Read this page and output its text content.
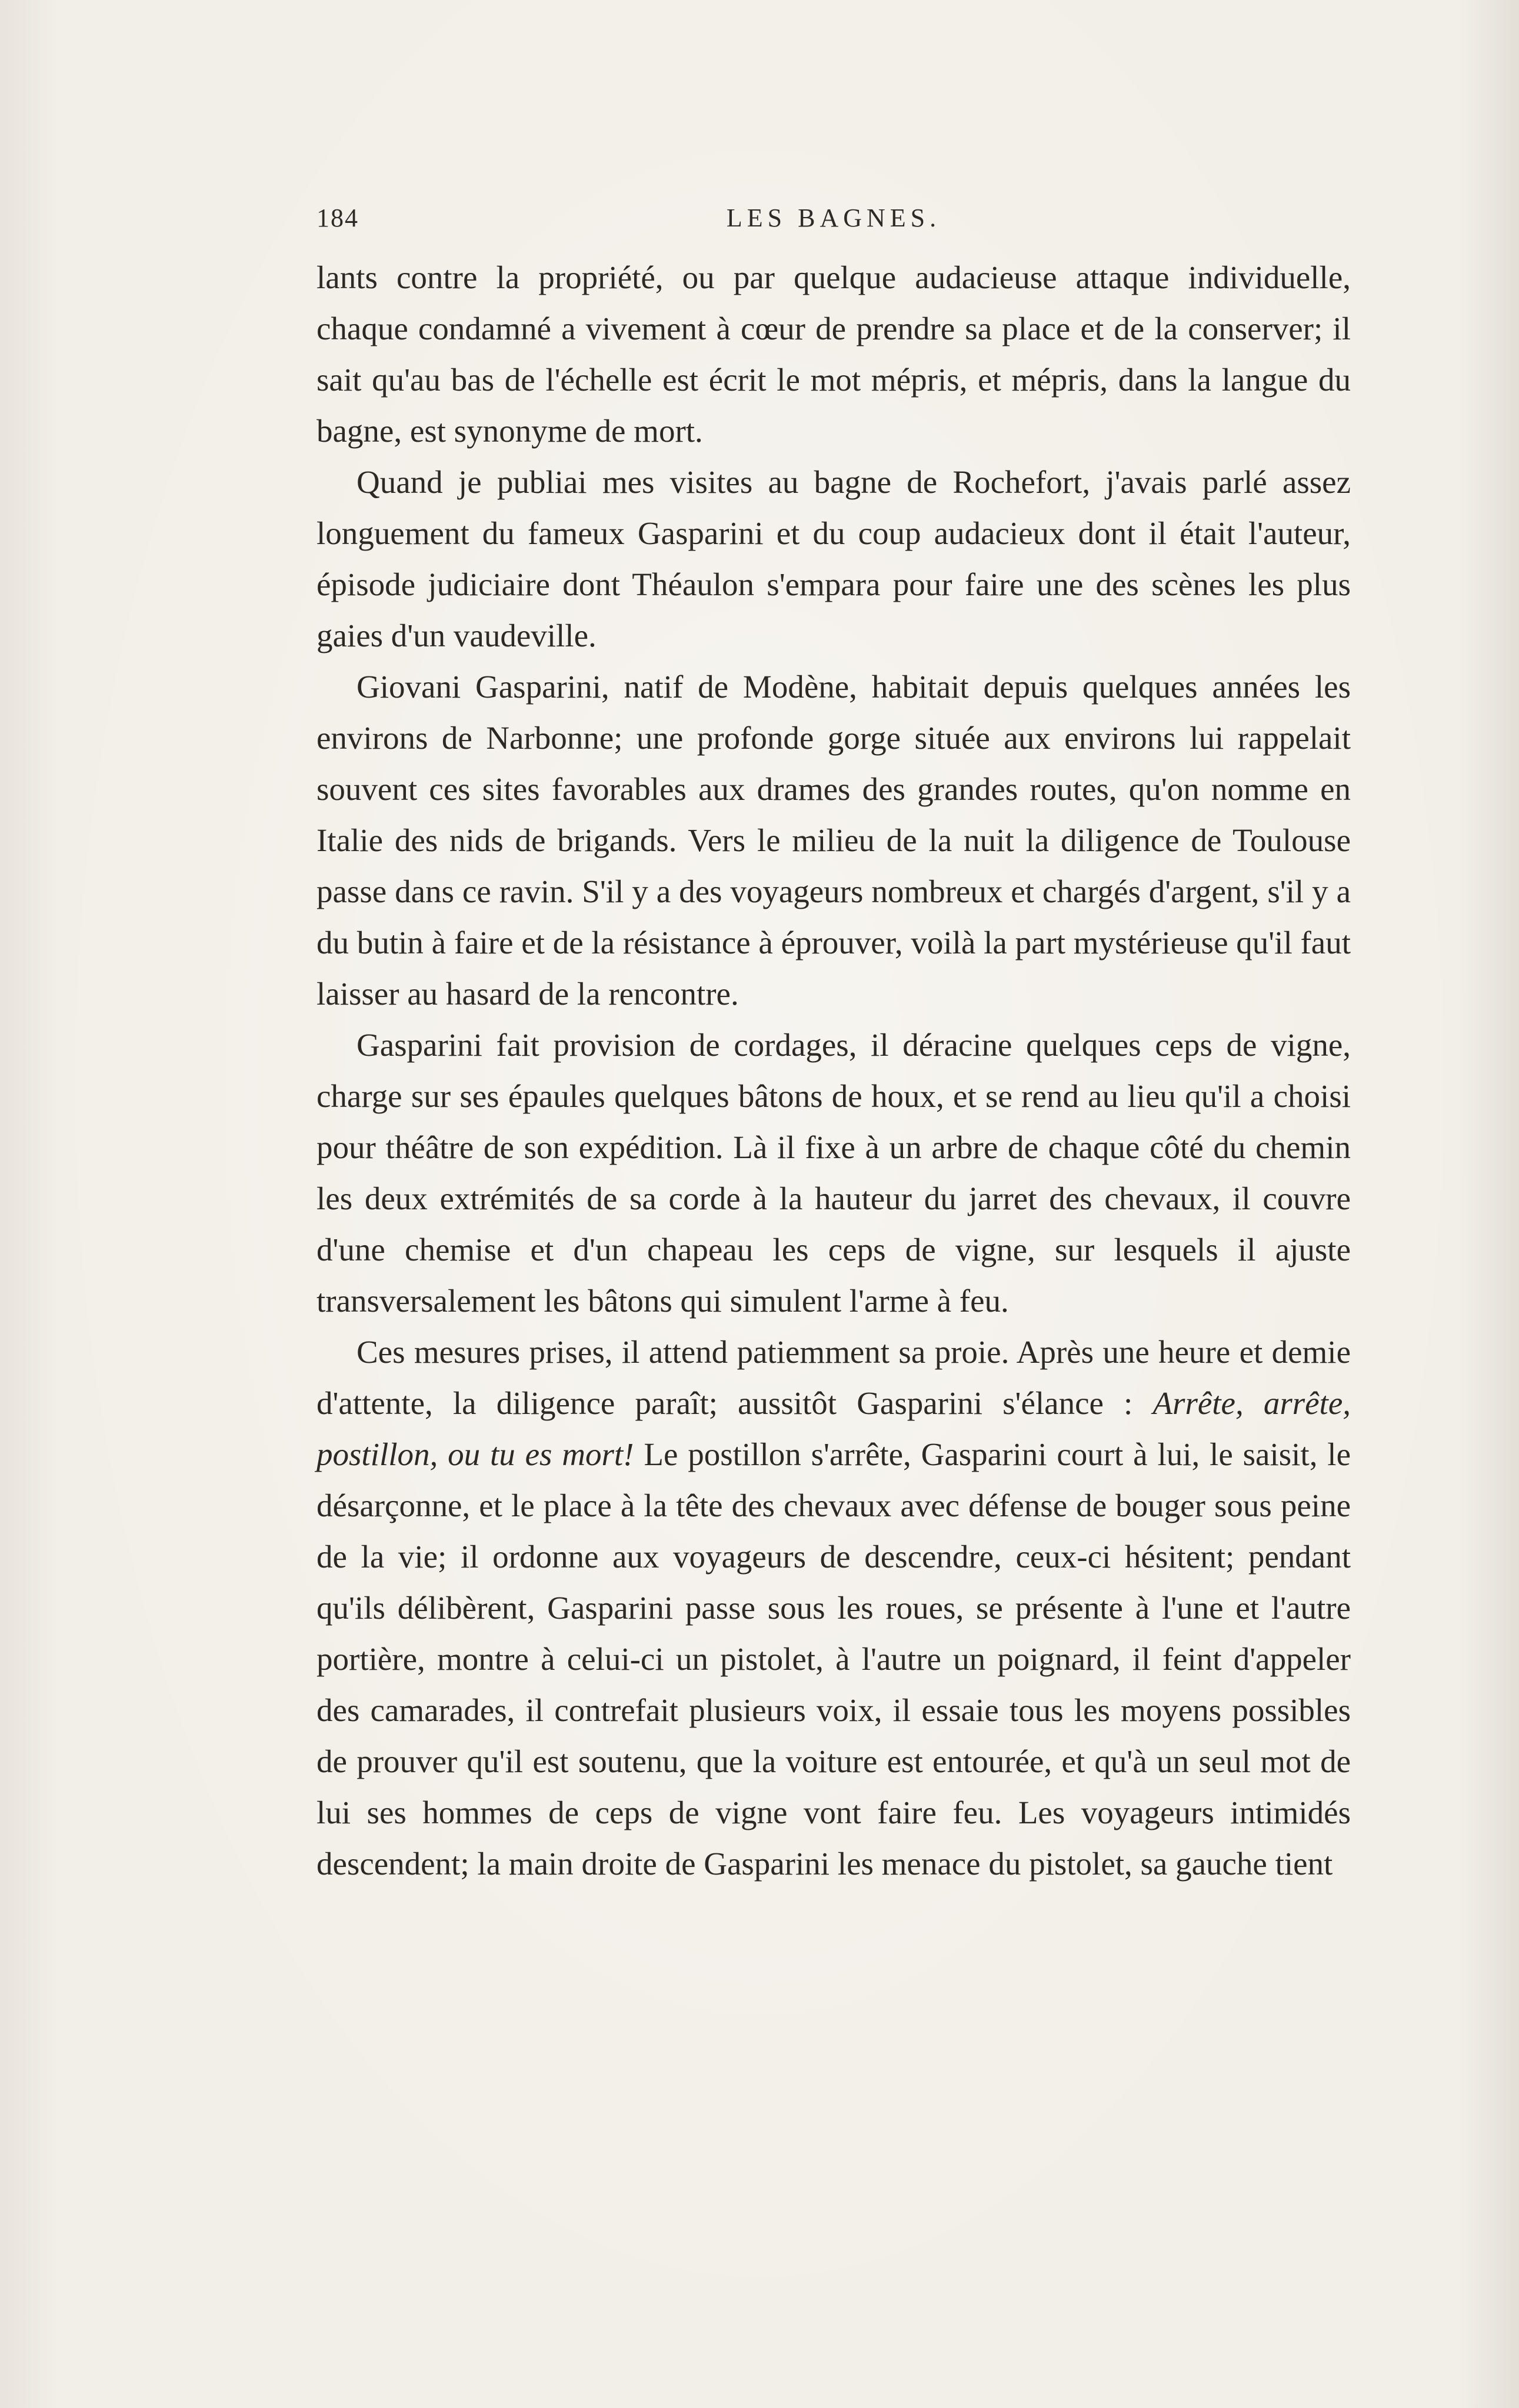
184	LES BAGNES.

lants contre la propriété, ou par quelque audacieuse attaque individuelle, chaque condamné a vivement à cœur de prendre sa place et de la conserver; il sait qu'au bas de l'échelle est écrit le mot mépris, et mépris, dans la langue du bagne, est synonyme de mort.

Quand je publiai mes visites au bagne de Rochefort, j'avais parlé assez longuement du fameux Gasparini et du coup audacieux dont il était l'auteur, épisode judiciaire dont Théaulon s'empara pour faire une des scènes les plus gaies d'un vaudeville.

Giovani Gasparini, natif de Modène, habitait depuis quelques années les environs de Narbonne; une profonde gorge située aux environs lui rappelait souvent ces sites favorables aux drames des grandes routes, qu'on nomme en Italie des nids de brigands. Vers le milieu de la nuit la diligence de Toulouse passe dans ce ravin. S'il y a des voyageurs nombreux et chargés d'argent, s'il y a du butin à faire et de la résistance à éprouver, voilà la part mystérieuse qu'il faut laisser au hasard de la rencontre.

Gasparini fait provision de cordages, il déracine quelques ceps de vigne, charge sur ses épaules quelques bâtons de houx, et se rend au lieu qu'il a choisi pour théâtre de son expédition. Là il fixe à un arbre de chaque côté du chemin les deux extrémités de sa corde à la hauteur du jarret des chevaux, il couvre d'une chemise et d'un chapeau les ceps de vigne, sur lesquels il ajuste transversalement les bâtons qui simulent l'arme à feu.

Ces mesures prises, il attend patiemment sa proie. Après une heure et demie d'attente, la diligence paraît; aussitôt Gasparini s'élance : Arrête, arrête, postillon, ou tu es mort! Le postillon s'arrête, Gasparini court à lui, le saisit, le désarçonne, et le place à la tête des chevaux avec défense de bouger sous peine de la vie; il ordonne aux voyageurs de descendre, ceux-ci hésitent; pendant qu'ils délibèrent, Gasparini passe sous les roues, se présente à l'une et l'autre portière, montre à celui-ci un pistolet, à l'autre un poignard, il feint d'appeler des camarades, il contrefait plusieurs voix, il essaie tous les moyens possibles de prouver qu'il est soutenu, que la voiture est entourée, et qu'à un seul mot de lui ses hommes de ceps de vigne vont faire feu. Les voyageurs intimidés descendent; la main droite de Gasparini les menace du pistolet, sa gauche tient
